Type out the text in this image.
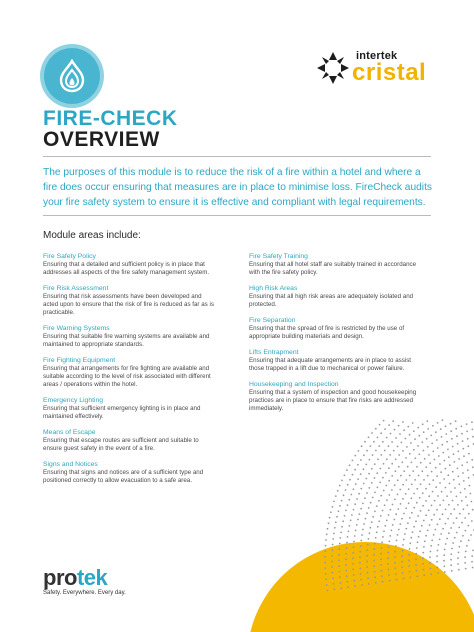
intertek
cristal
FIRE-CHECK
OVERVIEW
The purposes of this module is to reduce the risk of a fire within a hotel and where a fire does occur ensuring that measures are in place to minimise loss. FireCheck audits your fire safety system to ensure it is effective and compliant with legal requirements.
Module areas include:
Fire Safety Policy
Ensuring that a detailed and sufficient policy is in place that addresses all aspects of the fire safety management system.
Fire Risk Assessment
Ensuring that risk assessments have been developed and acted upon to ensure that the risk of fire is reduced as far as is practicable.
Fire Warning Systems
Ensuring that suitable fire warning systems are available and maintained to appropriate standards.
Fire Fighting Equipment
Ensuring that arrangements for fire fighting are available and suitable according to the level of risk associated with different areas / operations within the hotel.
Emergency Lighting
Ensuring that sufficient emergency lighting is in place and maintained effectively.
Means of Escape
Ensuring that escape routes are sufficient and suitable to ensure guest safety in the event of a fire.
Signs and Notices
Ensuring that signs and notices are of a sufficient type and positioned correctly to allow evacuation to a safe area.
Fire Safety Training
Ensuring that all hotel staff are suitably trained in accordance with the fire safety policy.
High Risk Areas
Ensuring that all high risk areas are adequately isolated and protected.
Fire Separation
Ensuring that the spread of fire is restricted by the use of appropriate building materials and design.
Lifts Entrapment
Ensuring that adequate arrangements are in place to assist those trapped in a lift due to mechanical or power failure.
Housekeeping and Inspection
Ensuring that a system of inspection and good housekeeping practices are in place to ensure that fire risks are addressed immediately.
protek
Safety. Everywhere. Every day.
